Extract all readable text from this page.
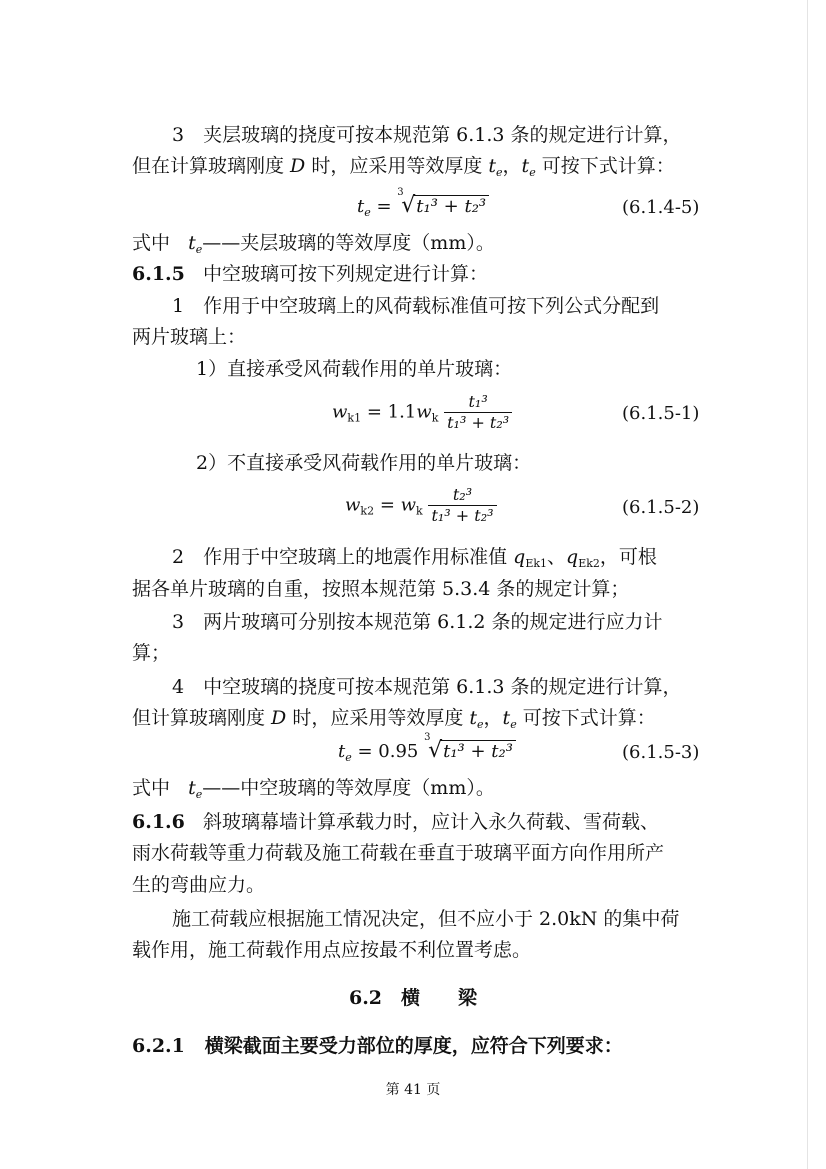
3　夹层玻璃的挠度可按本规范第 6.1.3 条的规定进行计算，
但在计算玻璃刚度 D 时，应采用等效厚度 $t_e$，$t_e$ 可按下式计算：
$t_e$ =
3
√ t₁³ + t₂³	(6.1.4-5)
式中 $t_e——$夹层玻璃的等效厚度（mm）。
6.1.5 中空玻璃可按下列规定进行计算：
1　作用于中空玻璃上的风荷载标准值可按下列公式分配到
两片玻璃上：
1）直接承受风荷载作用的单片玻璃：
$w_{k1} = 1.1w_k \frac{\text{t₁³}}{\text{t₁³ + t₂³}}$	(6.1.5-1)
2）不直接承受风荷载作用的单片玻璃：
$w_{k2} = w_k \frac{\text{t₂³}}{\text{t₁³ + t₂³}}$	(6.1.5-2)
2　作用于中空玻璃上的地震作用标准值 $q_{Ek1}$、$q_{Ek2}$，可根
据各单片玻璃的自重，按照本规范第 5.3.4 条的规定计算；
3　两片玻璃可分别按本规范第 6.1.2 条的规定进行应力计
算；
4　中空玻璃的挠度可按本规范第 6.1.3 条的规定进行计算，
但计算玻璃刚度 D 时，应采用等效厚度 $t_e$，$t_e$ 可按下式计算：
$t_e = 0.95$
3
√ t₁³ + t₂³	(6.1.5-3)
式中 $t_e——$中空玻璃的等效厚度（mm）。
6.1.6 斜玻璃幕墙计算承载力时，应计入永久荷载、雪荷载、
雨水荷载等重力荷载及施工荷载在垂直于玻璃平面方向作用所产
生的弯曲应力。
施工荷载应根据施工情况决定，但不应小于 2.0kN 的集中荷
载作用，施工荷载作用点应按最不利位置考虑。
6.2　横　　梁
6.2.1 横梁截面主要受力部位的厚度，应符合下列要求：
第 41 页
